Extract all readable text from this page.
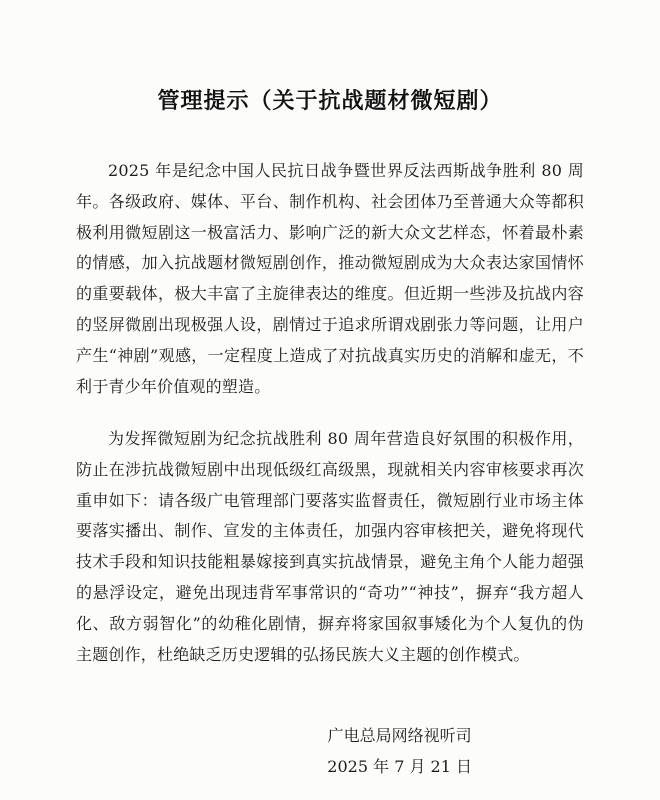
管理提示（关于抗战题材微短剧）
2025 年是纪念中国人民抗日战争暨世界反法西斯战争胜利 80 周年。各级政府、媒体、平台、制作机构、社会团体乃至普通大众等都积极利用微短剧这一极富活力、影响广泛的新大众文艺样态，怀着最朴素的情感，加入抗战题材微短剧创作，推动微短剧成为大众表达家国情怀的重要载体，极大丰富了主旋律表达的维度。但近期一些涉及抗战内容的竖屏微剧出现极强人设，剧情过于追求所谓戏剧张力等问题，让用户产生“神剧”观感，一定程度上造成了对抗战真实历史的消解和虚无，不利于青少年价值观的塑造。
为发挥微短剧为纪念抗战胜利 80 周年营造良好氛围的积极作用，防止在涉抗战微短剧中出现低级红高级黑，现就相关内容审核要求再次重申如下：请各级广电管理部门要落实监督责任，微短剧行业市场主体要落实播出、制作、宣发的主体责任，加强内容审核把关，避免将现代技术手段和知识技能粗暴嫁接到真实抗战情景，避免主角个人能力超强的悬浮设定，避免出现违背军事常识的“奇功”“神技”，摒弃“我方超人化、敌方弱智化”的幼稚化剧情，摒弃将家国叙事矮化为个人复仇的伪主题创作，杜绝缺乏历史逻辑的弘扬民族大义主题的创作模式。
广电总局网络视听司
2025 年 7 月 21 日
